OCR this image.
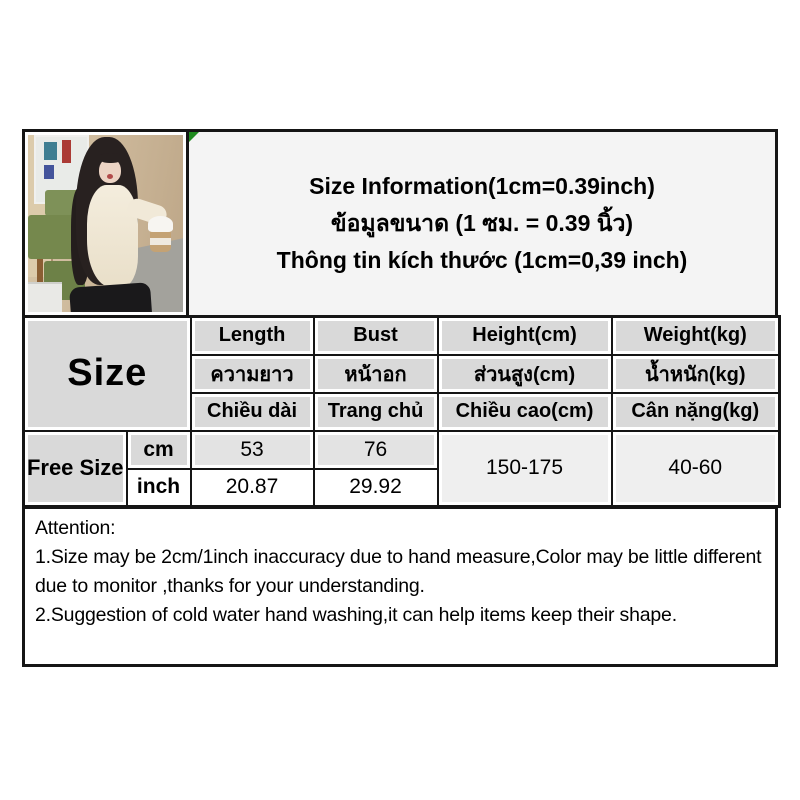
Size Information(1cm=0.39inch)
ข้อมูลขนาด (1 ซม. = 0.39 นิ้ว)
Thông tin kích thước (1cm=0,39 inch)
Size		Length	Bust	Height(cm)	Weight(kg)
		ความยาว	หน้าอก	ส่วนสูง(cm)	น้ำหนัก(kg)
		Chiều dài	Trang chủ	Chiều cao(cm)	Cân nặng(kg)
Free Size	cm	53	76	150-175	40-60
	inch	20.87	29.92		
Attention:
1.Size may be 2cm/1inch inaccuracy due to hand measure,Color may be little different due to monitor ,thanks for your understanding.
2.Suggestion of cold water hand washing,it can help items keep their shape.
